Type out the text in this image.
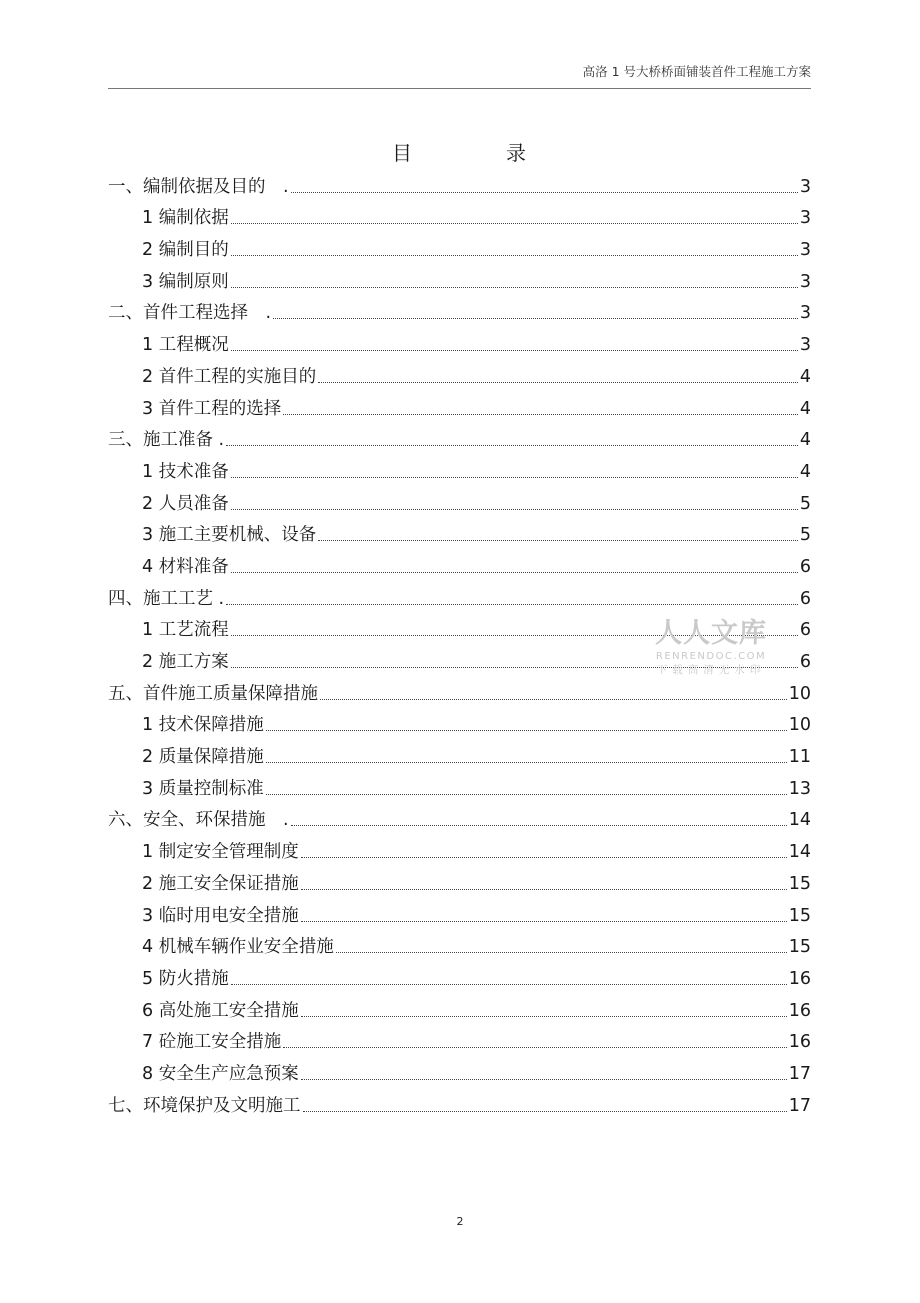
高洛 1 号大桥桥面铺装首件工程施工方案
目	录
一、编制依据及目的　.	3
1 编制依据	3
2 编制目的	3
3 编制原则	3
二、首件工程选择　.	3
1 工程概况	3
2 首件工程的实施目的	4
3 首件工程的选择	4
三、施工准备 .	4
1 技术准备	4
2 人员准备	5
3 施工主要机械、设备	5
4 材料准备	6
四、施工工艺 .	6
1 工艺流程	6
2 施工方案	6
五、首件施工质量保障措施	10
1 技术保障措施	10
2 质量保障措施	11
3 质量控制标准	13
六、安全、环保措施　.	14
1 制定安全管理制度	14
2 施工安全保证措施	15
3 临时用电安全措施	15
4 机械车辆作业安全措施	15
5 防火措施	16
6 高处施工安全措施	16
7 砼施工安全措施	16
8 安全生产应急预案	17
七、环境保护及文明施工	17
人人文库
RENRENDOC.COM
下载高清无水印
2
